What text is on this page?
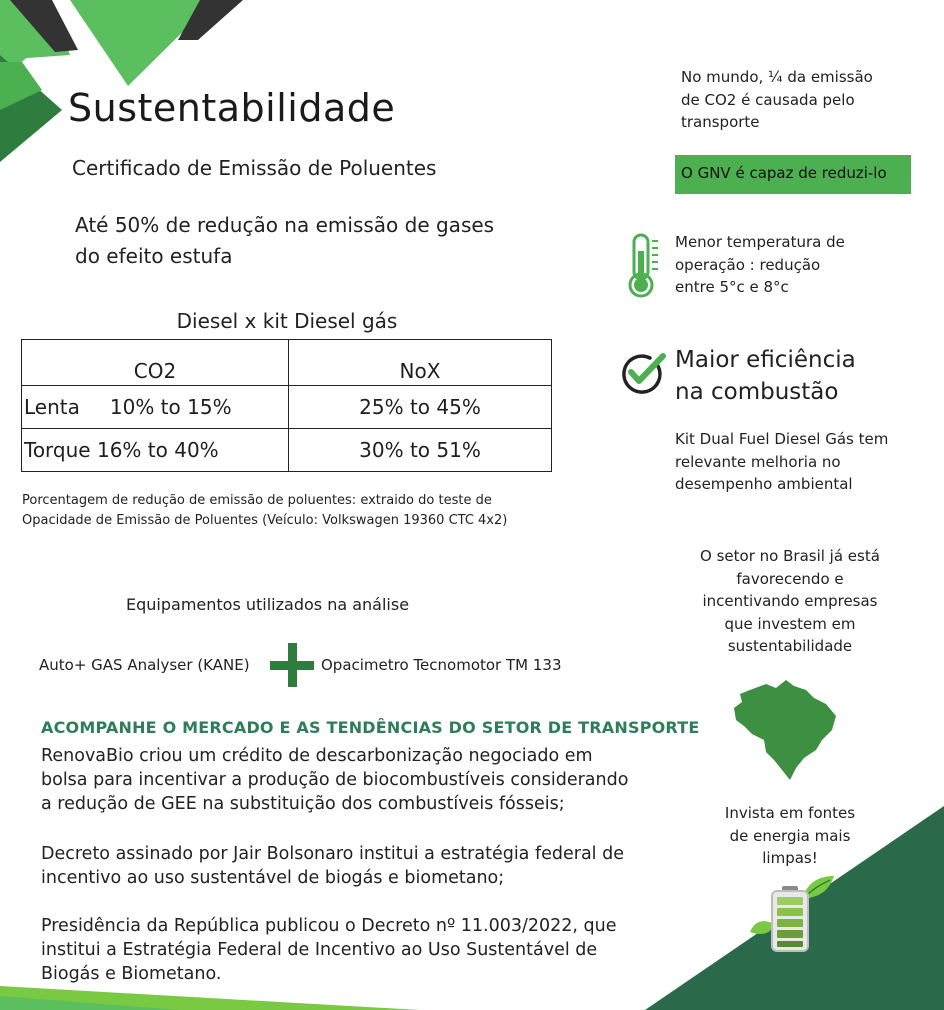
Sustentabilidade
Certificado de Emissão de Poluentes
Até 50% de redução na emissão de gases do efeito estufa
Diesel x kit Diesel gás
CO2	NoX
Lenta 10% to 15%	25% to 45%
Torque 16% to 40%	30% to 51%
Porcentagem de redução de emissão de poluentes: extraido do teste de Opacidade de Emissão de Poluentes (Veículo: Volkswagen 19360 CTC 4x2)
Equipamentos utilizados na análise
Auto+ GAS Analyser (KANE)	Opacimetro Tecnomotor TM 133
ACOMPANHE O MERCADO E AS TENDÊNCIAS DO SETOR DE TRANSPORTE
RenovaBio criou um crédito de descarbonização negociado em
bolsa para incentivar a produção de biocombustíveis considerando
a redução de GEE na substituição dos combustíveis fósseis;
Decreto assinado por Jair Bolsonaro institui a estratégia federal de
incentivo ao uso sustentável de biogás e biometano;
Presidência da República publicou o Decreto nº 11.003/2022, que
institui a Estratégia Federal de Incentivo ao Uso Sustentável de
Biogás e Biometano.
No mundo, ¼ da emissão
de CO2 é causada pelo
transporte
O GNV é capaz de reduzi-lo
Menor temperatura de
operação : redução
entre 5°c e 8°c
Maior eficiência
na combustão
Kit Dual Fuel Diesel Gás tem
relevante melhoria no
desempenho ambiental
O setor no Brasil já está
favorecendo e
incentivando empresas
que investem em
sustentabilidade
Invista em fontes
de energia mais
limpas!
